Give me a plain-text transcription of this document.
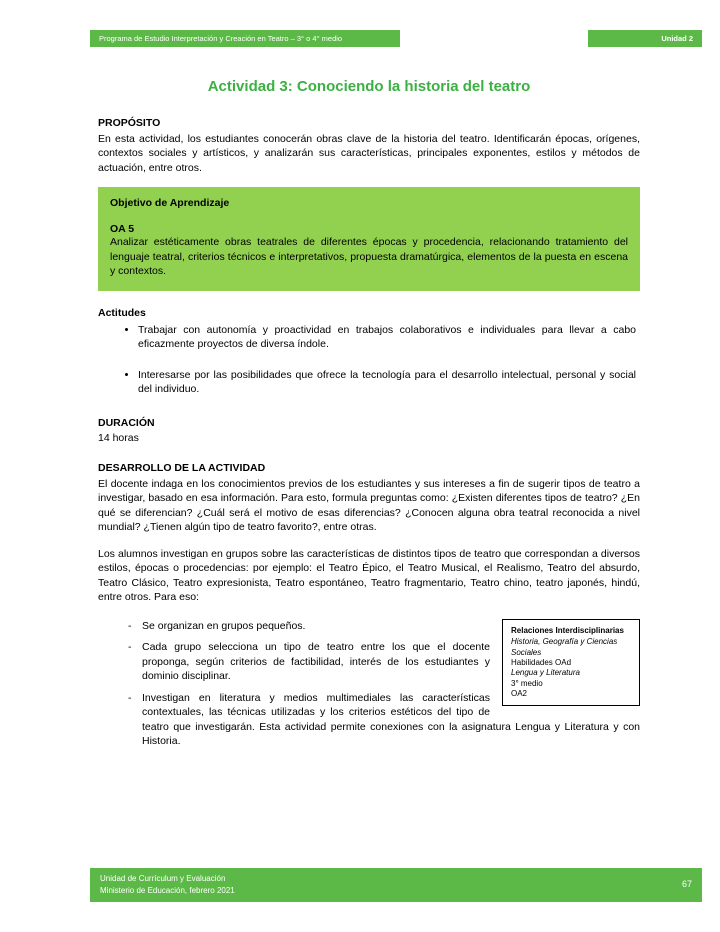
Programa de Estudio Interpretación y Creación en Teatro – 3° o 4° medio	Unidad 2
Actividad 3: Conociendo la historia del teatro
PROPÓSITO

En esta actividad, los estudiantes conocerán obras clave de la historia del teatro. Identificarán épocas, orígenes, contextos sociales y artísticos, y analizarán sus características, principales exponentes, estilos y métodos de actuación, entre otros.

Objetivo de Aprendizaje

OA 5

Analizar estéticamente obras teatrales de diferentes épocas y procedencia, relacionando tratamiento del lenguaje teatral, criterios técnicos e interpretativos, propuesta dramatúrgica, elementos de la puesta en escena y contextos.

Actitudes
• Trabajar con autonomía y proactividad en trabajos colaborativos e individuales para llevar a cabo eficazmente proyectos de diversa índole.
• Interesarse por las posibilidades que ofrece la tecnología para el desarrollo intelectual, personal y social del individuo.
DURACIÓN

14 horas

DESARROLLO DE LA ACTIVIDAD

El docente indaga en los conocimientos previos de los estudiantes y sus intereses a fin de sugerir tipos de teatro a investigar, basado en esa información. Para esto, formula preguntas como: ¿Existen diferentes tipos de teatro? ¿En qué se diferencian? ¿Cuál será el motivo de esas diferencias? ¿Conocen alguna obra teatral reconocida a nivel mundial? ¿Tienen algún tipo de teatro favorito?, entre otras.

Los alumnos investigan en grupos sobre las características de distintos tipos de teatro que correspondan a diversos estilos, épocas o procedencias: por ejemplo: el Teatro Épico, el Teatro Musical, el Realismo, Teatro del absurdo, Teatro Clásico, Teatro expresionista, Teatro espontáneo, Teatro fragmentario, Teatro chino, teatro japonés, hindú, entre otros. Para eso:

Relaciones Interdisciplinarias

Historia, Geografía y Ciencias Sociales

Habilidades OAd

Lengua y Literatura

3° medio

OA2

- Se organizan en grupos pequeños.
- Cada grupo selecciona un tipo de teatro entre los que el docente proponga, según criterios de factibilidad, interés de los estudiantes y dominio disciplinar.
- Investigan en literatura y medios multimediales las características contextuales, las técnicas utilizadas y los criterios estéticos del tipo de teatro que investigarán. Esta actividad permite conexiones con la asignatura Lengua y Literatura y con Historia.
Unidad de Currículum y Evaluación
Ministerio de Educación, febrero 2021
67
